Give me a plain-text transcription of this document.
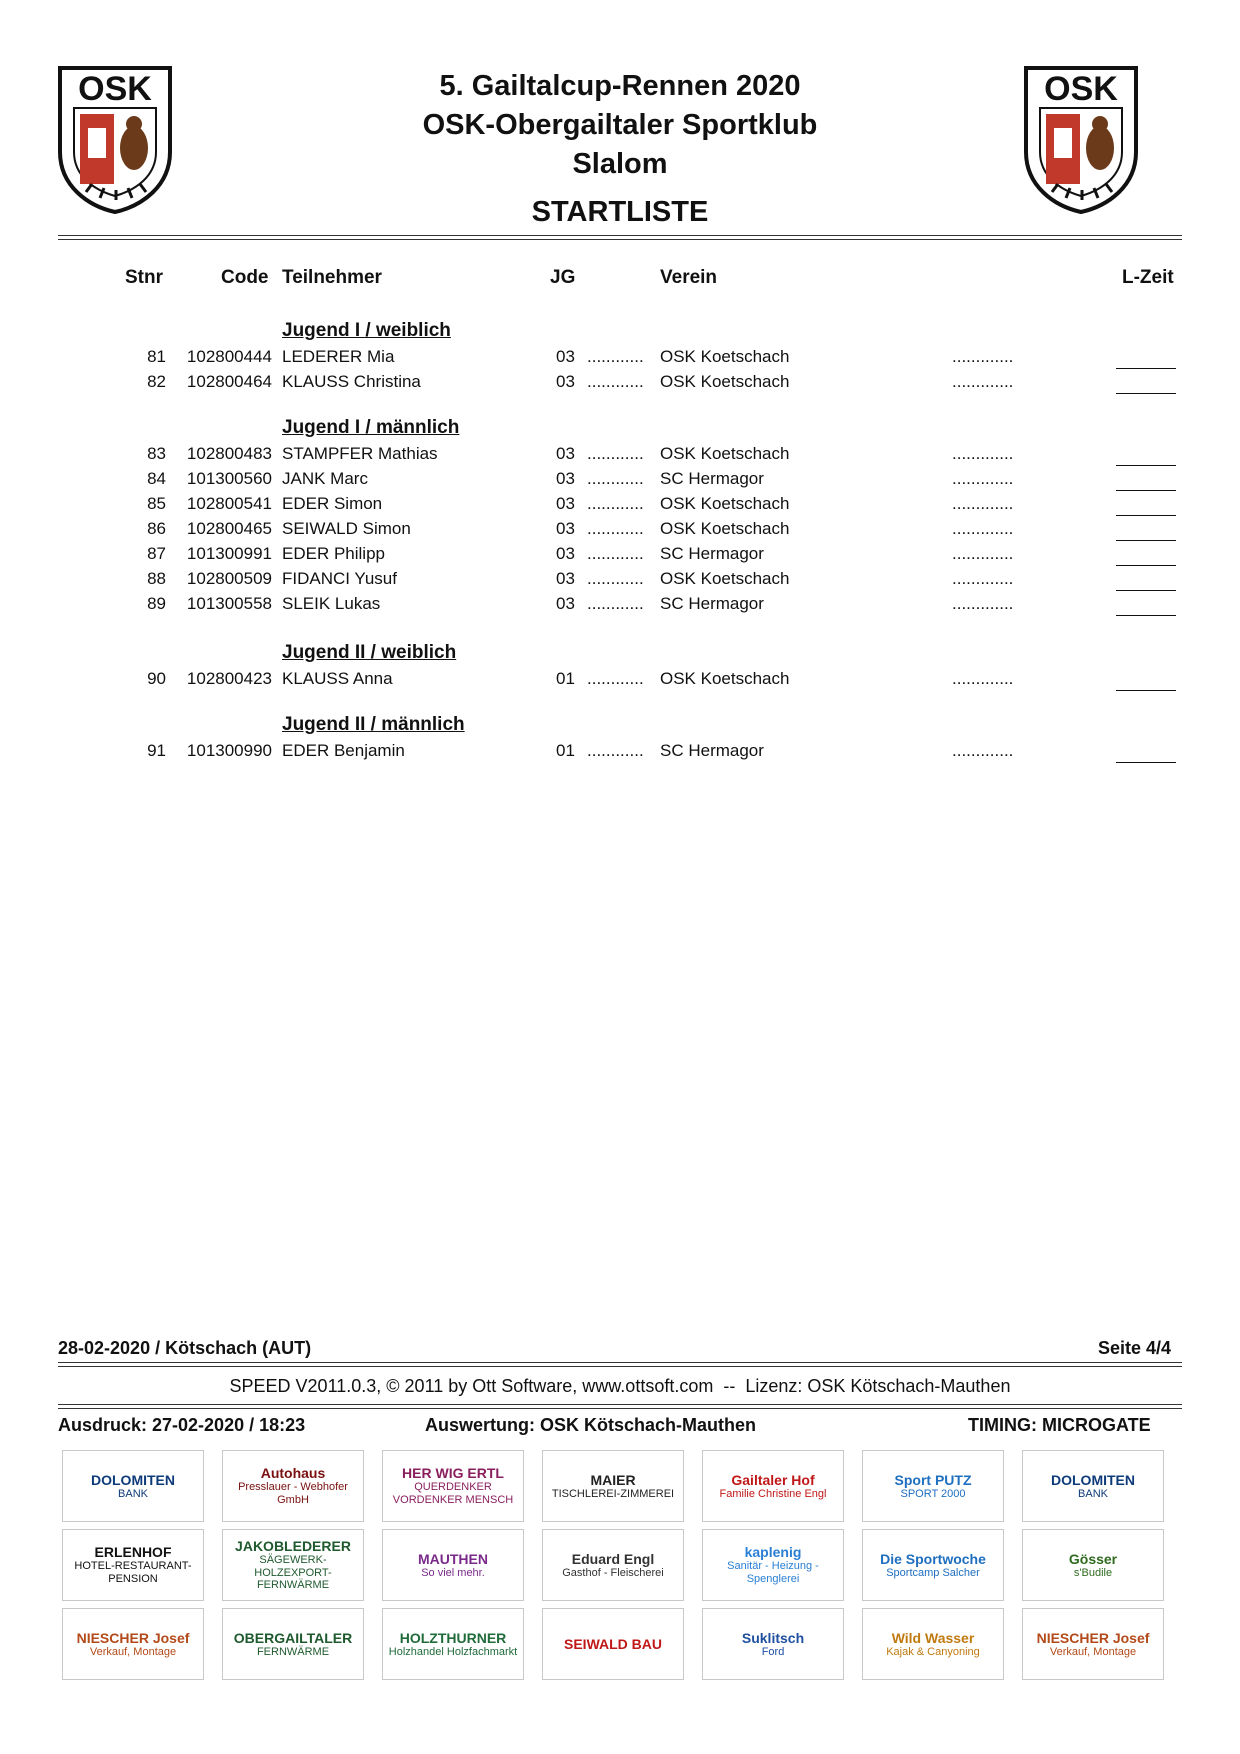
OSK	OSK
5. Gailtalcup-Rennen 2020
OSK-Obergailtaler Sportklub
Slalom
STARTLISTE
Stnr	Code Teilnehmer	JG	Verein	L-Zeit
Jugend I / weiblich
81	102800444 LEDERER Mia	03 ............ OSK Koetschach	.............
82	102800464 KLAUSS Christina	03 ............ OSK Koetschach	.............
Jugend I / männlich
83	102800483 STAMPFER Mathias	03 ............ OSK Koetschach	.............
84	101300560 JANK Marc	03 ............ SC Hermagor	.............
85	102800541 EDER Simon	03 ............ OSK Koetschach	.............
86	102800465 SEIWALD Simon	03 ............ OSK Koetschach	.............
87	101300991 EDER Philipp	03 ............ SC Hermagor	.............
88	102800509 FIDANCI Yusuf	03 ............ OSK Koetschach	.............
89	101300558 SLEIK Lukas	03 ............ SC Hermagor	.............
Jugend II / weiblich
90	102800423 KLAUSS Anna	01 ............ OSK Koetschach	.............
Jugend II / männlich
91	101300990 EDER Benjamin	01 ............ SC Hermagor	.............
28-02-2020 / Kötschach (AUT)	Seite 4/4
SPEED V2011.0.3, © 2011 by Ott Software, www.ottsoft.com  --  Lizenz: OSK Kötschach-Mauthen
Ausdruck: 27-02-2020 / 18:23	Auswertung: OSK Kötschach-Mauthen	TIMING: MICROGATE
DOLOMITEN
BANK
Autohaus
Presslauer - Webhofer GmbH
HER WIG ERTL
QUERDENKER VORDENKER MENSCH
MAIER
TISCHLEREI-ZIMMEREI
Gailtaler Hof
Familie Christine Engl
Sport PUTZ
SPORT 2000
DOLOMITEN
BANK
ERLENHOF
HOTEL-RESTAURANT-PENSION
JAKOBLEDERER
SÄGEWERK-HOLZEXPORT-FERNWÄRME
MAUTHEN
So viel mehr.
Eduard Engl
Gasthof - Fleischerei
kaplenig
Sanitär - Heizung - Spenglerei
Die Sportwoche
Sportcamp Salcher
Gösser
s'Budile
NIESCHER Josef
Verkauf, Montage
OBERGAILTALER
FERNWÄRME
HOLZTHURNER
Holzhandel Holzfachmarkt	SEIWALD BAU	Suklitsch
Ford
Wild Wasser
Kajak & Canyoning
NIESCHER Josef
Verkauf, Montage
